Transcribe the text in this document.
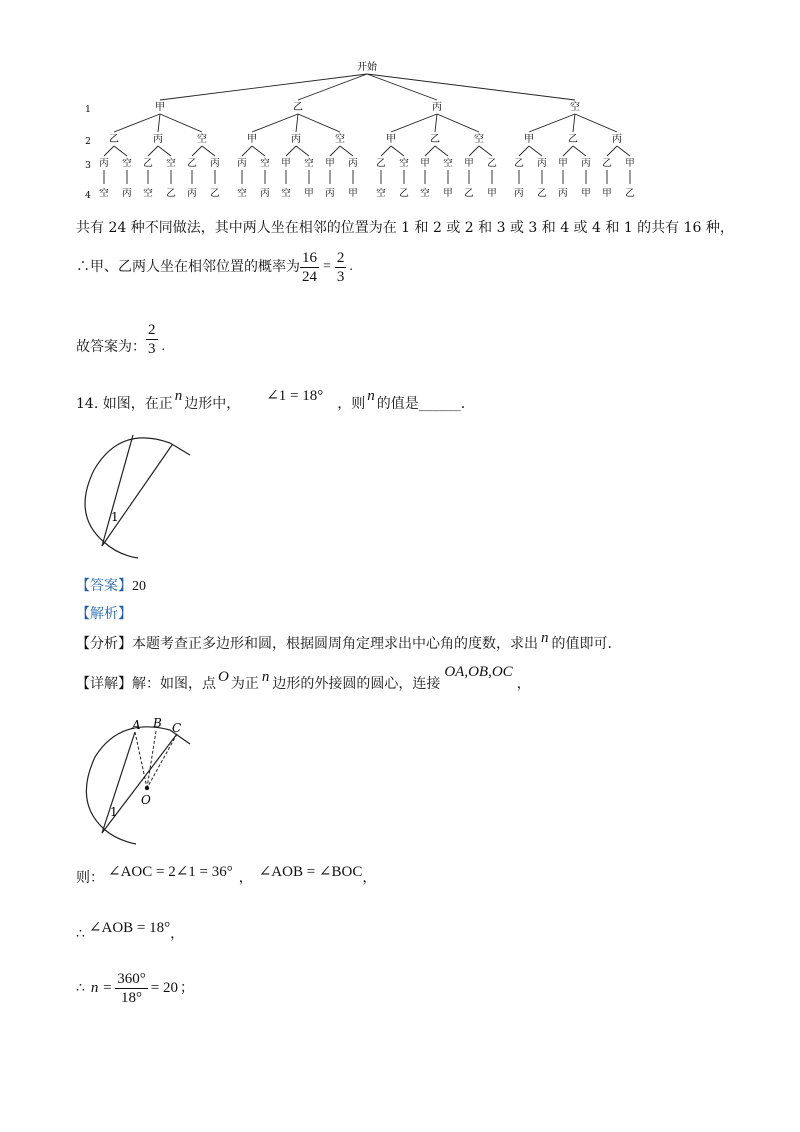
1
2
3
4
开始
甲
乙
丙
空
空
丙
丙
乙
空
空
乙
空
乙
丙
丙
乙
乙
甲
丙
空
空
丙
丙
甲
空
空
甲
空
甲
丙
丙
甲
丙
甲
乙
空
空
乙
乙
甲
空
空
甲
空
甲
乙
乙
甲
空
甲
乙
丙
丙
乙
乙
甲
丙
丙
甲
丙
乙
甲
甲
乙
共有 24 种不同做法，其中两人坐在相邻的位置为在 1 和 2 或 2 和 3 或 3 和 4 或 4 和 1 的共有 16 种，
∴甲、乙两人坐在相邻位置的概率为 $\frac{16}{24} = \frac{2}{3}$ .
故答案为： $\frac{2}{3}$ .
14. 如图，在正 n 边形中， ∠1 = 18° ，则 n 的值是______.
1
【答案】20
【解析】
【分析】本题考查正多边形和圆，根据圆周角定理求出中心角的度数，求出 n 的值即可.
【详解】解：如图，点 O 为正 n 边形的外接圆的圆心，连接OA,OB,OC，
A B C
O
1
则： ∠AOC = 2∠1 = 36° ， ∠AOB = ∠BOC，
∴ ∠AOB = 18°，
∴ $n = \frac{360^\circ}{18^\circ} = 20$ ；
